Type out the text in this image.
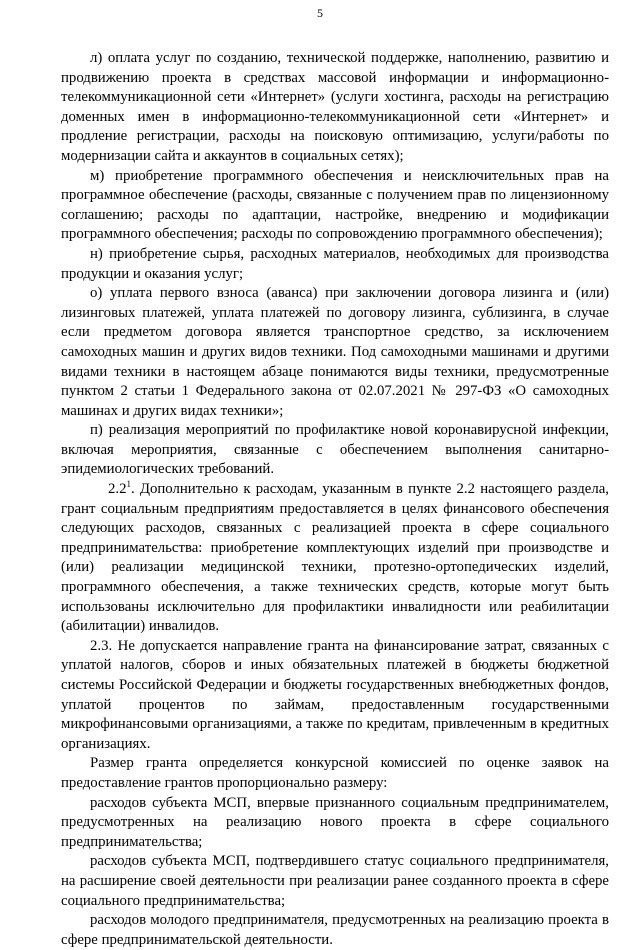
5

л) оплата услуг по созданию, технической поддержке, наполнению, развитию и продвижению проекта в средствах массовой информации и информационно-телекоммуникационной сети «Интернет» (услуги хостинга, расходы на регистрацию доменных имен в информационно-телекоммуникационной сети «Интернет» и продление регистрации, расходы на поисковую оптимизацию, услуги/работы по модернизации сайта и аккаунтов в социальных сетях);

м) приобретение программного обеспечения и неисключительных прав на программное обеспечение (расходы, связанные с получением прав по лицензионному соглашению; расходы по адаптации, настройке, внедрению и модификации программного обеспечения; расходы по сопровождению программного обеспечения);

н) приобретение сырья, расходных материалов, необходимых для производства продукции и оказания услуг;

о) уплата первого взноса (аванса) при заключении договора лизинга и (или) лизинговых платежей, уплата платежей по договору лизинга, сублизинга, в случае если предметом договора является транспортное средство, за исключением самоходных машин и других видов техники. Под самоходными машинами и другими видами техники в настоящем абзаце понимаются виды техники, предусмотренные пунктом 2 статьи 1 Федерального закона от 02.07.2021 № 297-ФЗ «О самоходных машинах и других видах техники»;

п) реализация мероприятий по профилактике новой коронавирусной инфекции, включая мероприятия, связанные с обеспечением выполнения санитарно-эпидемиологических требований.

$2.2^1$. Дополнительно к расходам, указанным в пункте 2.2 настоящего раздела, грант социальным предприятиям предоставляется в целях финансового обеспечения следующих расходов, связанных с реализацией проекта в сфере социального предпринимательства: приобретение комплектующих изделий при производстве и (или) реализации медицинской техники, протезно-ортопедических изделий, программного обеспечения, а также технических средств, которые могут быть использованы исключительно для профилактики инвалидности или реабилитации (абилитации) инвалидов.

2.3. Не допускается направление гранта на финансирование затрат, связанных с уплатой налогов, сборов и иных обязательных платежей в бюджеты бюджетной системы Российской Федерации и бюджеты государственных внебюджетных фондов, уплатой процентов по займам, предоставленным государственными микрофинансовыми организациями, а также по кредитам, привлеченным в кредитных организациях.

Размер гранта определяется конкурсной комиссией по оценке заявок на предоставление грантов пропорционально размеру:

расходов субъекта МСП, впервые признанного социальным предпринимателем, предусмотренных на реализацию нового проекта в сфере социального предпринимательства;

расходов субъекта МСП, подтвердившего статус социального предпринимателя, на расширение своей деятельности при реализации ранее созданного проекта в сфере социального предпринимательства;

расходов молодого предпринимателя, предусмотренных на реализацию проекта в сфере предпринимательской деятельности.
